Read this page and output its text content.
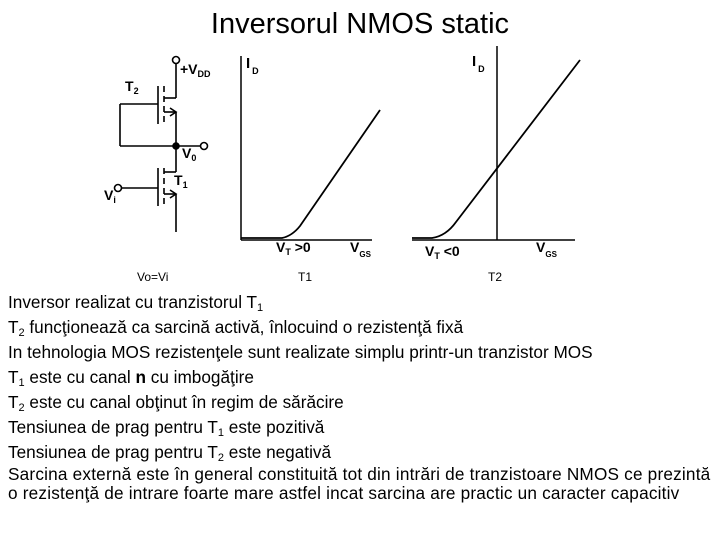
Inversorul NMOS static
$T_2$
$+V_{DD}$
$V_0$
$T_1$
$V_i$
Vo=Vi
I $_D$
$V_T >0$	$V_{GS}$
T1
I $_D$
$V_T <0$	$V_{GS}$
T2
Inversor realizat cu tranzistorul $T_1$
$T_2$ funcţionează ca sarcină activă, înlocuind o rezistenţă fixă
In tehnologia MOS rezistenţele sunt realizate simplu printr-un tranzistor MOS
$T_1$ este cu canal n cu imbogăţire
$T_2$ este cu canal obţinut în regim de sărăcire
Tensiunea de prag pentru $T_1$ este pozitivă
Tensiunea de prag pentru $T_2$ este negativă
Sarcina externă este în general constituită tot din intrări de tranzistoare NMOS ce prezintă o rezistenţă de intrare foarte mare astfel incat sarcina are practic un caracter capacitiv
